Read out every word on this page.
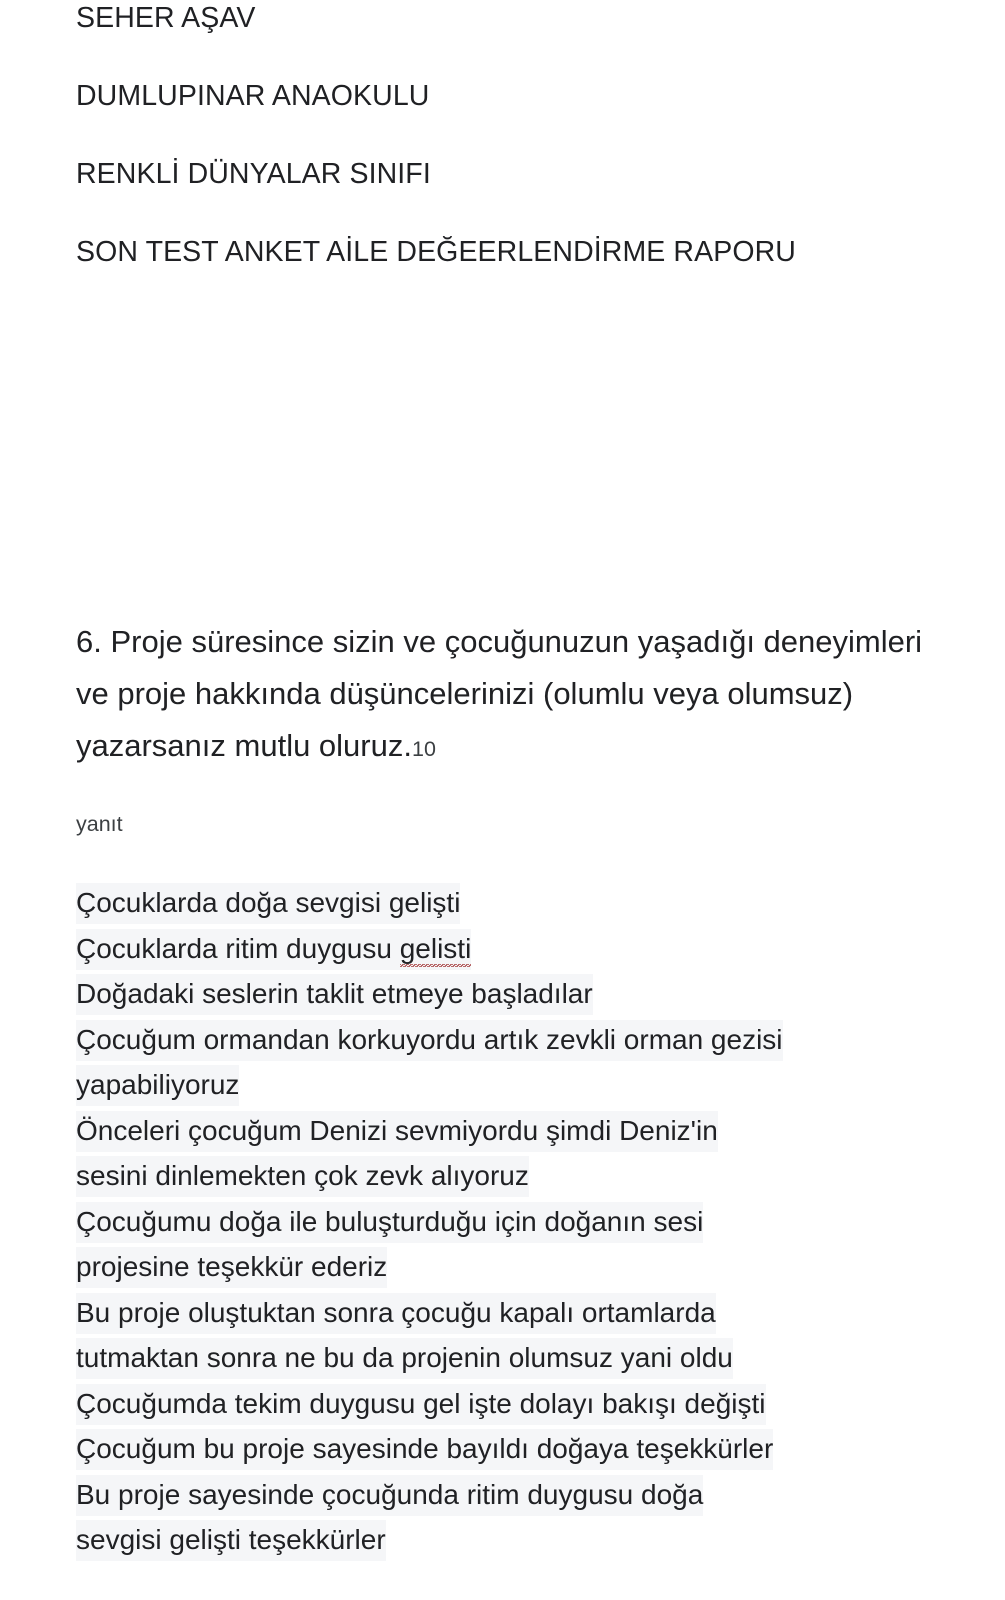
SEHER AŞAV

DUMLUPINAR ANAOKULU

RENKLİ DÜNYALAR SINIFI

SON TEST ANKET AİLE DEĞEERLENDİRME RAPORU

6. Proje süresince sizin ve çocuğunuzun yaşadığı deneyimleri ve proje hakkında düşüncelerinizi (olumlu veya olumsuz) yazarsanız mutlu oluruz.10

yanıt
Çocuklarda doğa sevgisi gelişti
Çocuklarda ritim duygusu gelisti
Doğadaki seslerin taklit etmeye başladılar
Çocuğum ormandan korkuyordu artık zevkli orman gezisi
yapabiliyoruz
Önceleri çocuğum Denizi sevmiyordu şimdi Deniz'in
sesini dinlemekten çok zevk alıyoruz
Çocuğumu doğa ile buluşturduğu için doğanın sesi
projesine teşekkür ederiz
Bu proje oluştuktan sonra çocuğu kapalı ortamlarda
tutmaktan sonra ne bu da projenin olumsuz yani oldu
Çocuğumda tekim duygusu gel işte dolayı bakışı değişti
Çocuğum bu proje sayesinde bayıldı doğaya teşekkürler
Bu proje sayesinde çocuğunda ritim duygusu doğa
sevgisi gelişti teşekkürler
